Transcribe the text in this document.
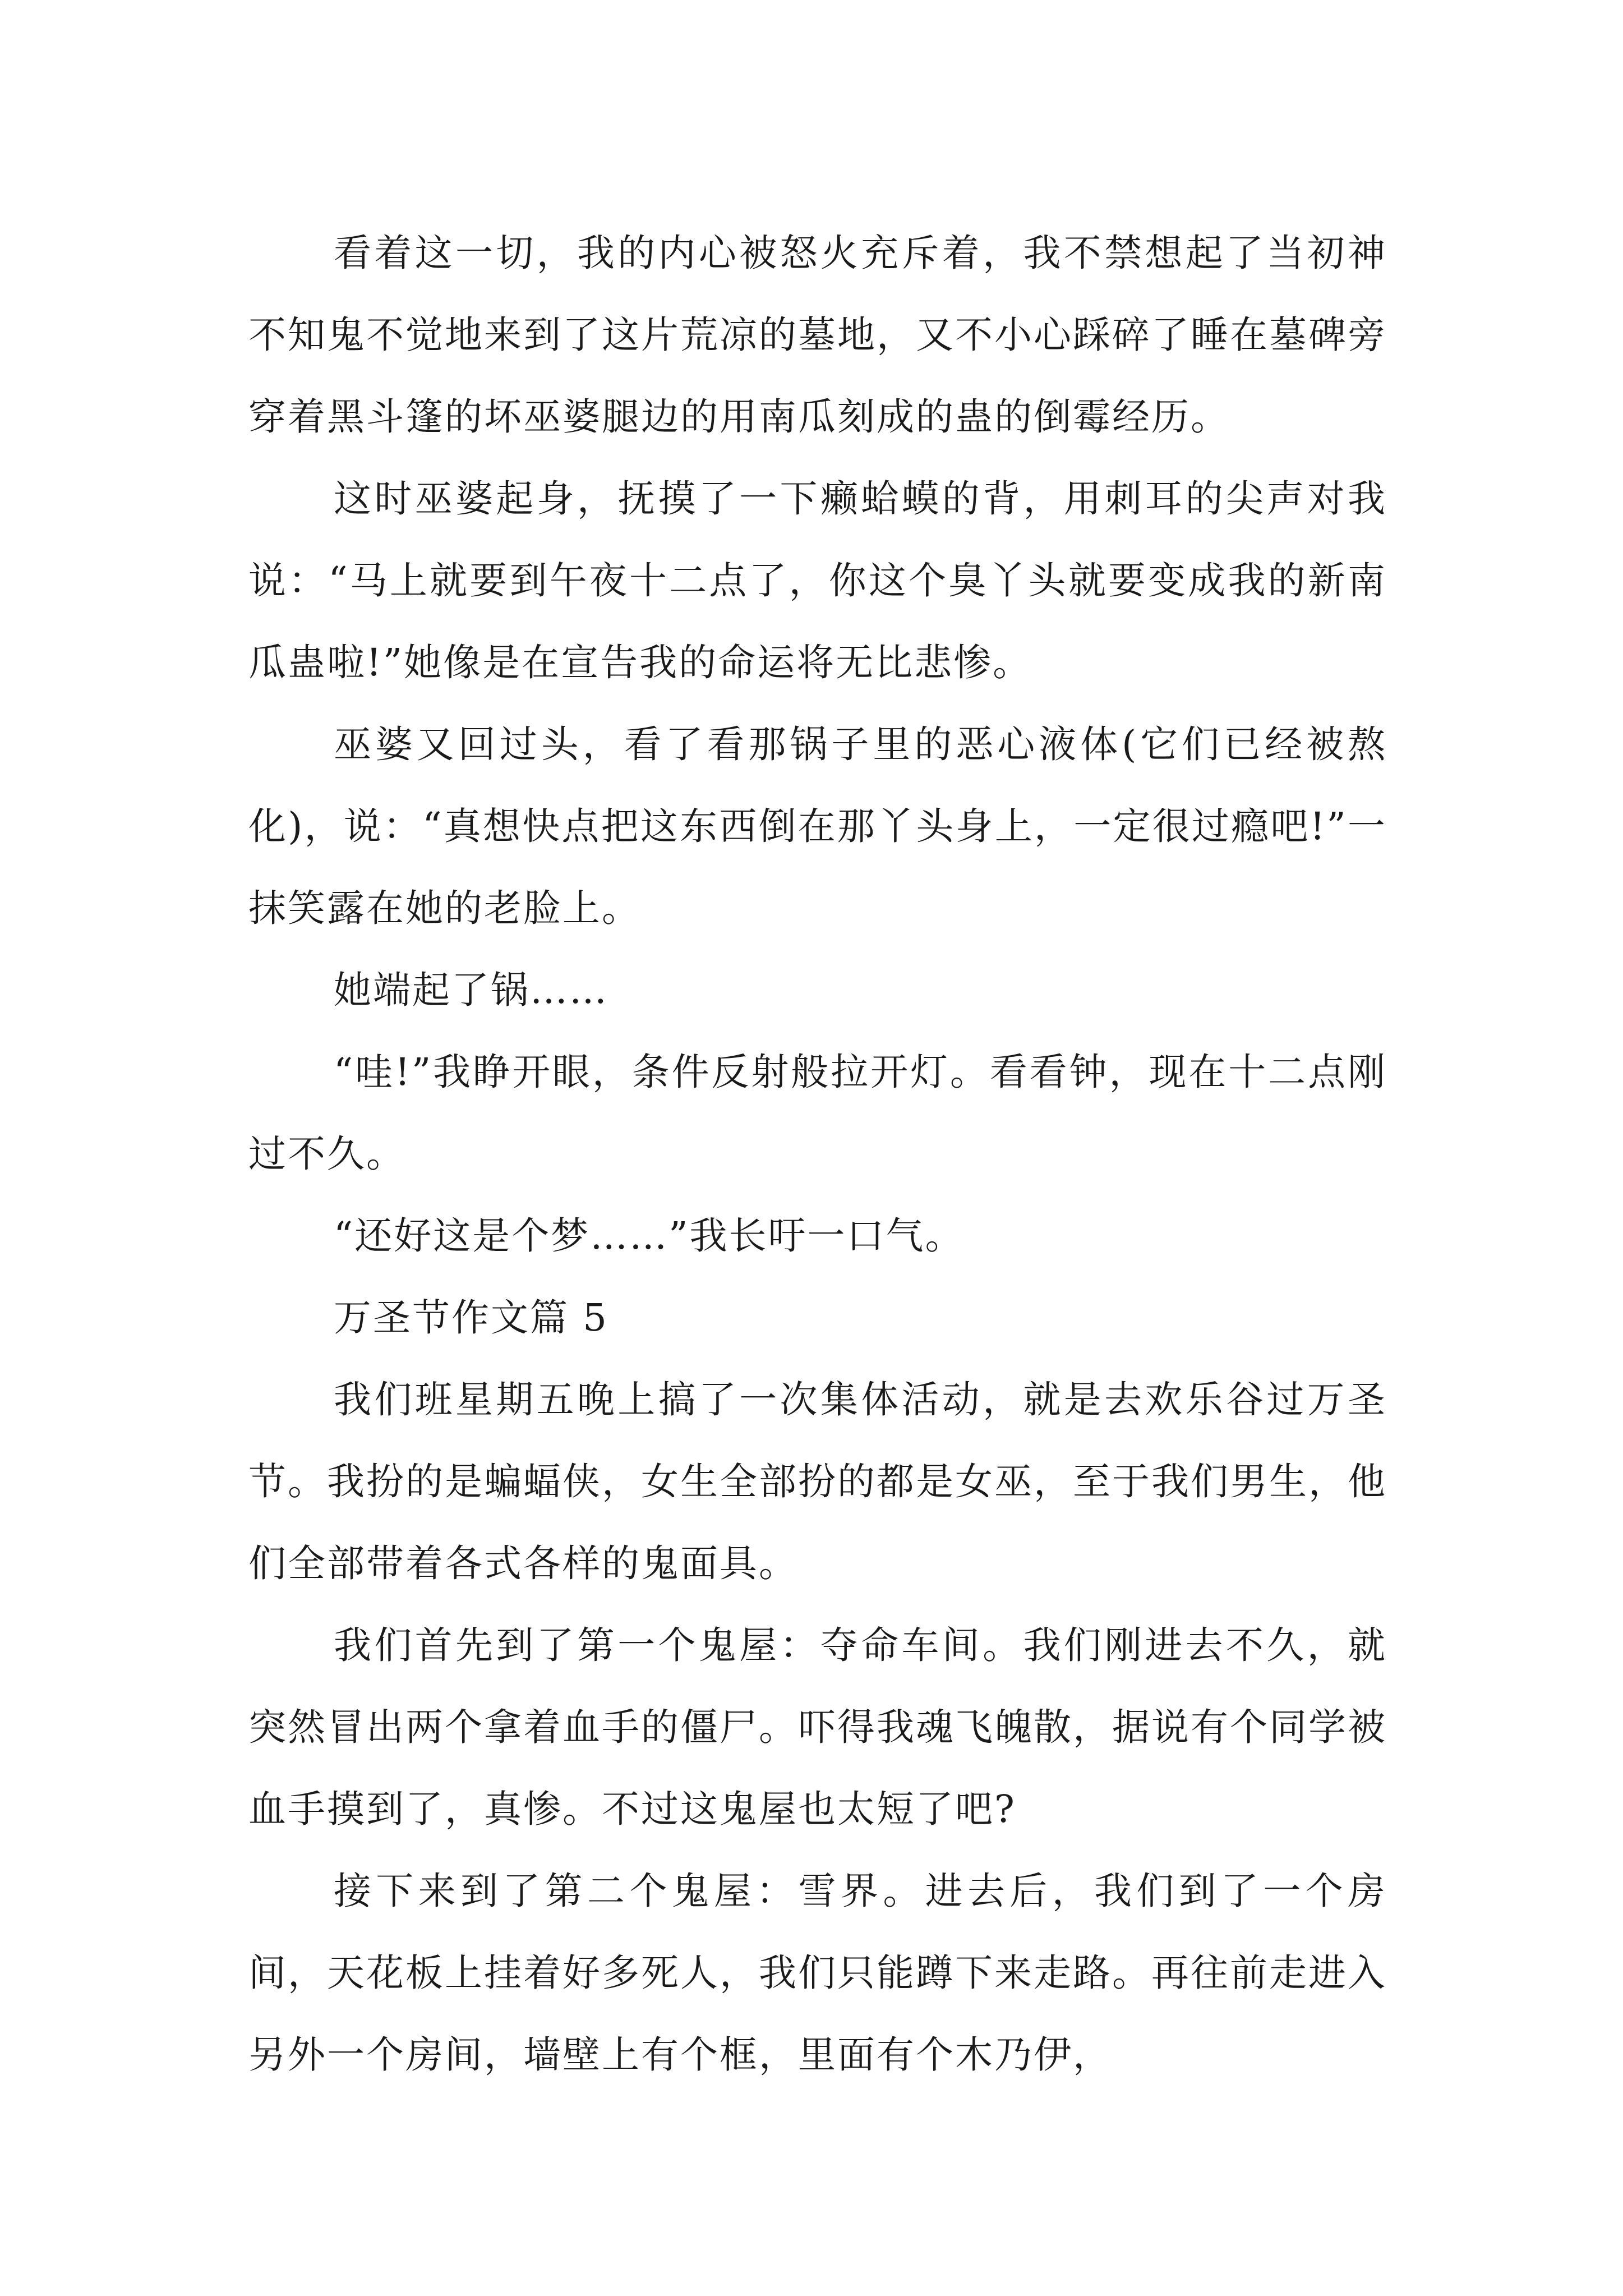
看着这一切，我的内心被怒火充斥着，我不禁想起了当初神不知鬼不觉地来到了这片荒凉的墓地，又不小心踩碎了睡在墓碑旁穿着黑斗篷的坏巫婆腿边的用南瓜刻成的蛊的倒霉经历。

这时巫婆起身，抚摸了一下癞蛤蟆的背，用刺耳的尖声对我说：“马上就要到午夜十二点了，你这个臭丫头就要变成我的新南瓜蛊啦!”她像是在宣告我的命运将无比悲惨。

巫婆又回过头，看了看那锅子里的恶心液体(它们已经被熬化)，说：“真想快点把这东西倒在那丫头身上，一定很过瘾吧!”一抹笑露在她的老脸上。

她端起了锅……

“哇!”我睁开眼，条件反射般拉开灯。看看钟，现在十二点刚过不久。

“还好这是个梦……”我长吁一口气。

万圣节作文篇 5

我们班星期五晚上搞了一次集体活动，就是去欢乐谷过万圣节。我扮的是蝙蝠侠，女生全部扮的都是女巫，至于我们男生，他们全部带着各式各样的鬼面具。

我们首先到了第一个鬼屋：夺命车间。我们刚进去不久，就突然冒出两个拿着血手的僵尸。吓得我魂飞魄散，据说有个同学被血手摸到了，真惨。不过这鬼屋也太短了吧?

接下来到了第二个鬼屋：雪界。进去后，我们到了一个房间，天花板上挂着好多死人，我们只能蹲下来走路。再往前走进入另外一个房间，墙壁上有个框，里面有个木乃伊，
